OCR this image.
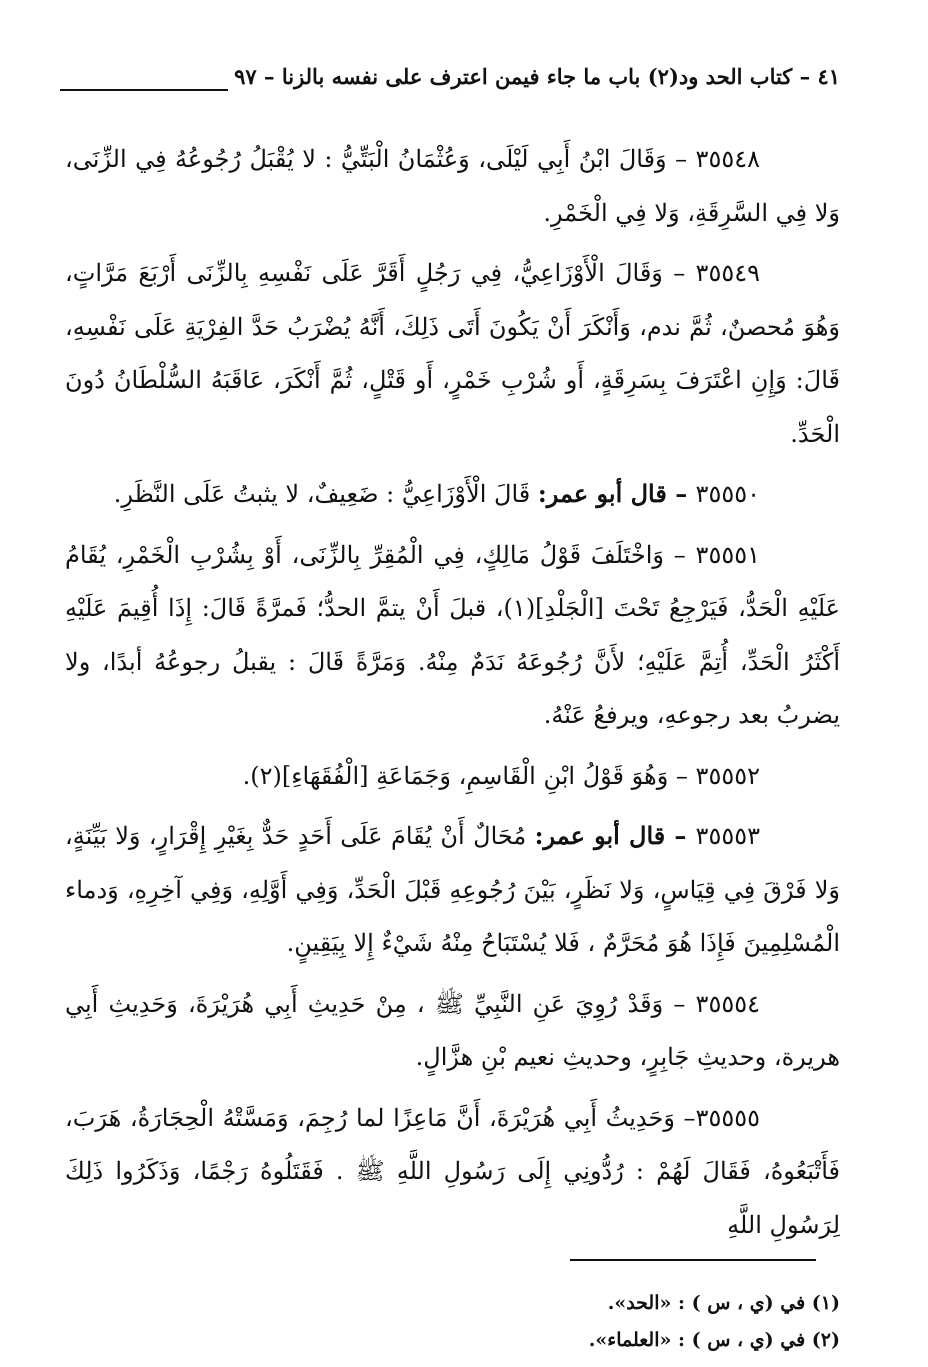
٤١ – كتاب الحد ود(٢) باب ما جاء فيمن اعترف على نفسه بالزنا – ٩٧

٣٥٥٤٨ – وَقَالَ ابْنُ أَبِي لَيْلَى، وَعُثْمَانُ الْبَتِّيُّ : لا يُقْبَلُ رُجُوعُهُ فِي الزِّنَى، وَلا فِي السَّرِقَةِ، وَلا فِي الْخَمْرِ.

٣٥٥٤٩ – وَقَالَ الْأَوْزَاعِيُّ، فِي رَجُلٍ أَقَرَّ عَلَى نَفْسِهِ بِالزِّنَى أَرْبَعَ مَرَّاتٍ، وَهُوَ مُحصنٌ، ثُمَّ ندم، وَأَنْكَرَ أَنْ يَكُونَ أَتَى ذَلِكَ، أَنَّهُ يُضْرَبُ حَدَّ الفِرْيَةِ عَلَى نَفْسِهِ، قَالَ: وَإِنِ اعْتَرَفَ بِسَرِقَةٍ، أَو شُرْبِ خَمْرٍ، أَو قَتْلٍ، ثُمَّ أَنْكَرَ، عَاقَبَهُ السُّلْطَانُ دُونَ الْحَدِّ.

٣٥٥٥٠ – قال أبو عمر: قَالَ الْأَوْزَاعِيُّ : ضَعِيفٌ، لا يثبتُ عَلَى النَّظَرِ.

٣٥٥٥١ – وَاخْتَلَفَ قَوْلُ مَالِكٍ، فِي الْمُقِرِّ بِالزِّنَى، أَوْ بِشُرْبِ الْخَمْرِ، يُقَامُ عَلَيْهِ الْحَدُّ، فَيَرْجِعُ تَحْتَ [الْجَلْدِ](١)، قبلَ أَنْ يتمَّ الحدُّ؛ فَمرَّةً قَالَ: إِذَا أُقِيمَ عَلَيْهِ أَكْثَرُ الْحَدِّ، أُتِمَّ عَلَيْهِ؛ لأَنَّ رُجُوعَهُ نَدَمٌ مِنْهُ. وَمَرَّةً قَالَ : يقبلُ رجوعُهُ أبدًا، ولا يضربُ بعد رجوعهِ، ويرفعُ عَنْهُ.

٣٥٥٥٢ – وَهُوَ قَوْلُ ابْنِ الْقَاسِمِ، وَجَمَاعَةِ [الْفُقَهَاءِ](٢).

٣٥٥٥٣ – قال أبو عمر: مُحَالٌ أَنْ يُقَامَ عَلَى أَحَدٍ حَدٌّ بِغَيْرِ إِقْرَارٍ، وَلا بَيِّنَةٍ، وَلا فَرْقَ فِي قِيَاسٍ، وَلا نَظَرٍ، بَيْنَ رُجُوعِهِ قَبْلَ الْحَدِّ، وَفِي أَوَّلِهِ، وَفِي آخِرِهِ، وَدماء الْمُسْلِمِينَ فَإِذَا هُوَ مُحَرَّمٌ ، فَلا يُسْتَبَاحُ مِنْهُ شَيْءٌ إِلا بِيَقِينٍ.

٣٥٥٥٤ – وَقَدْ رُوِيَ عَنِ النَّبِيِّ ﷺ ، مِنْ حَدِيثِ أَبِي هُرَيْرَةَ، وَحَدِيثِ أَبِي هريرة، وحديثِ جَابِرٍ، وحديثِ نعيم بْنِ هزَّالٍ.

٣٥٥٥٥– وَحَدِيثُ أَبِي هُرَيْرَةَ، أَنَّ مَاعِزًا لما رُجِمَ، وَمَسَّتْهُ الْحِجَارَةُ، هَرَبَ، فَأَتْبَعُوهُ، فَقَالَ لَهُمْ : رُدُّونِي إِلَى رَسُولِ اللَّهِ ﷺ . فَقَتَلُوهُ رَجْمًا، وَذَكَرُوا ذَلِكَ لِرَسُولِ اللَّهِ

(١) في (ي ، س ) : «الحد».

(٢) في (ي ، س ) : «العلماء».
